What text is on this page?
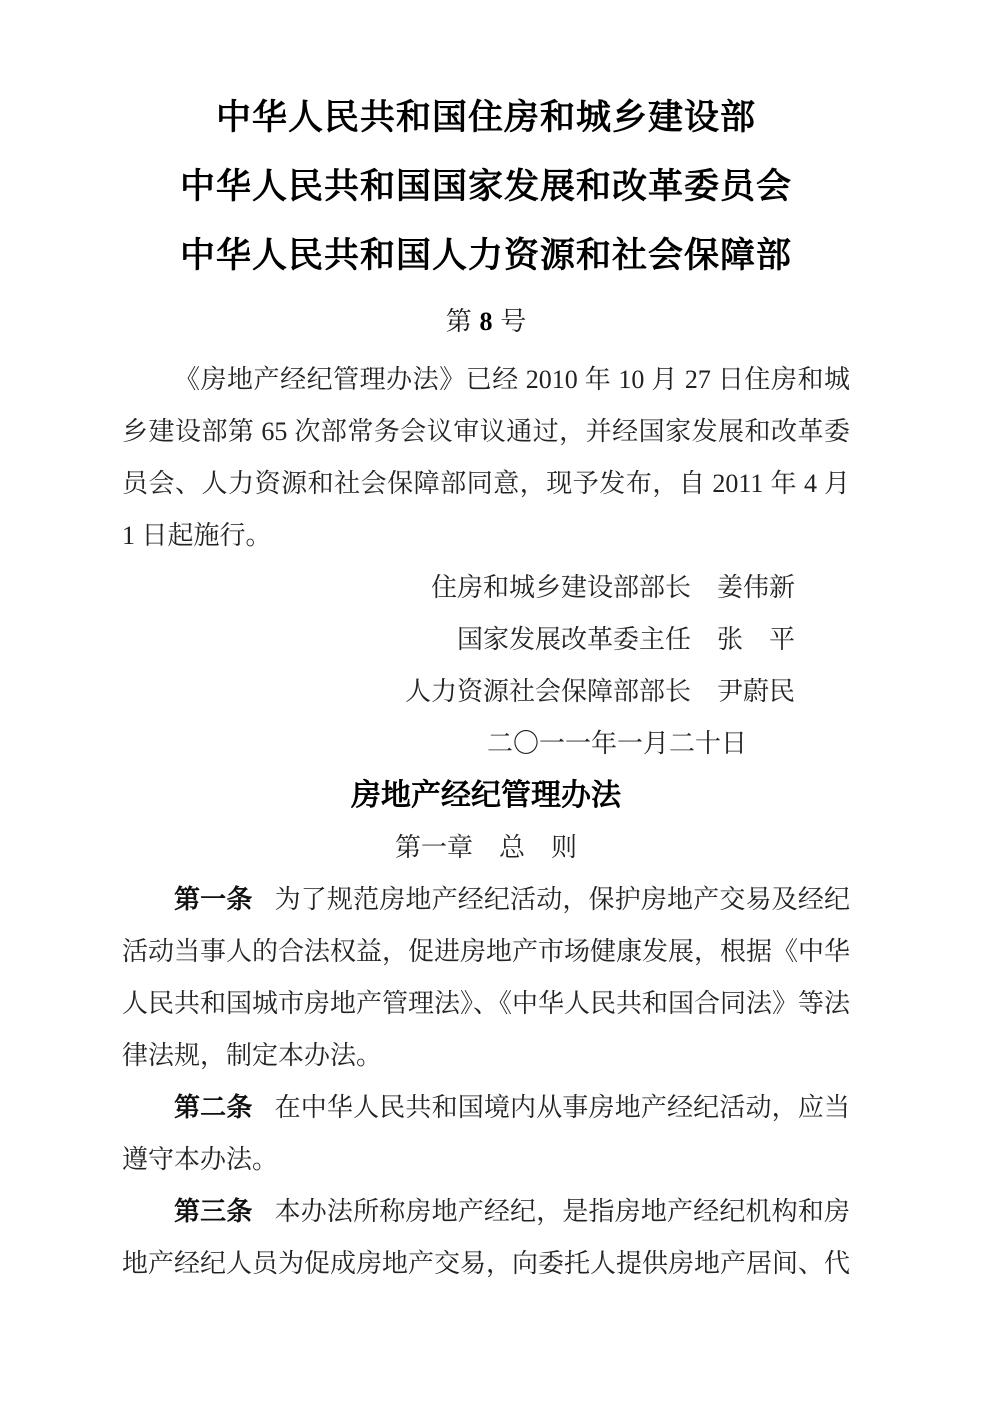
中华人民共和国住房和城乡建设部
中华人民共和国国家发展和改革委员会
中华人民共和国人力资源和社会保障部
第 8 号

《房地产经纪管理办法》已经 2010 年 10 月 27 日住房和城乡建设部第 65 次部常务会议审议通过，并经国家发展和改革委员会、人力资源和社会保障部同意，现予发布，自 2011 年 4 月 1 日起施行。

住房和城乡建设部部长　姜伟新

国家发展改革委主任　张　平

人力资源社会保障部部长　尹蔚民

二〇一一年一月二十日

房地产经纪管理办法
第一章　总　则

第一条 为了规范房地产经纪活动，保护房地产交易及经纪活动当事人的合法权益，促进房地产市场健康发展，根据《中华人民共和国城市房地产管理法》、《中华人民共和国合同法》等法律法规，制定本办法。

第二条 在中华人民共和国境内从事房地产经纪活动，应当遵守本办法。

第三条 本办法所称房地产经纪，是指房地产经纪机构和房地产经纪人员为促成房地产交易，向委托人提供房地产居间、代
